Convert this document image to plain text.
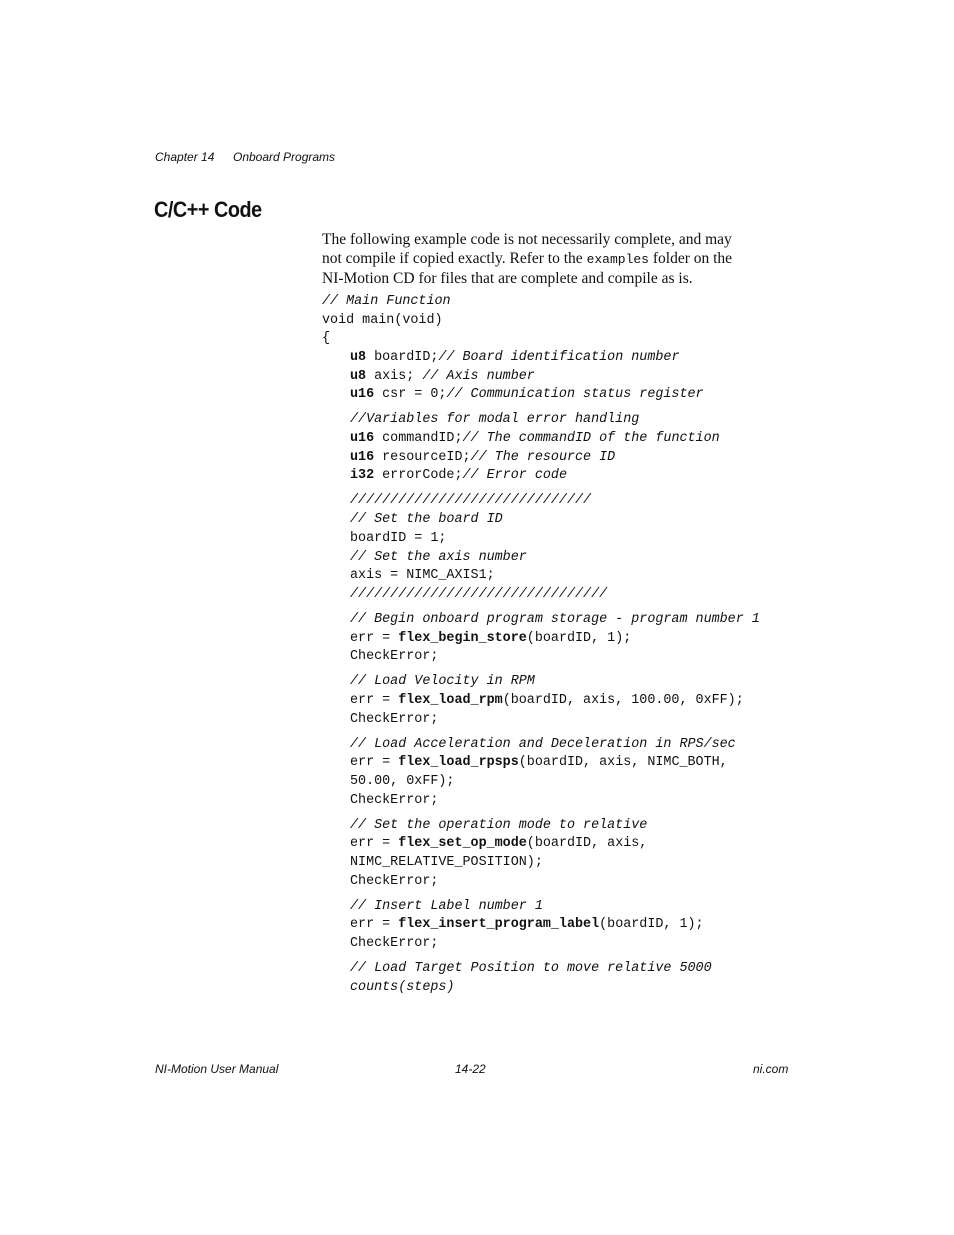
Chapter 14 Onboard Programs
C/C++ Code

The following example code is not necessarily complete, and may not compile if copied exactly. Refer to the examples folder on the NI-Motion CD for files that are complete and compile as is.

// Main Function
void main(void)
{
u8 boardID;// Board identification number
u8 axis; // Axis number
u16 csr = 0;// Communication status register
//Variables for modal error handling
u16 commandID;// The commandID of the function
u16 resourceID;// The resource ID
i32 errorCode;// Error code
//////////////////////////////
// Set the board ID
boardID = 1;
// Set the axis number
axis = NIMC_AXIS1;
////////////////////////////////
// Begin onboard program storage - program number 1
err = flex_begin_store(boardID, 1);
CheckError;
// Load Velocity in RPM
err = flex_load_rpm(boardID, axis, 100.00, 0xFF);
CheckError;
// Load Acceleration and Deceleration in RPS/sec
err = flex_load_rpsps(boardID, axis, NIMC_BOTH,
50.00, 0xFF);
CheckError;
// Set the operation mode to relative
err = flex_set_op_mode(boardID, axis,
NIMC_RELATIVE_POSITION);
CheckError;
// Insert Label number 1
err = flex_insert_program_label(boardID, 1);
CheckError;
// Load Target Position to move relative 5000
counts(steps)
NI-Motion User Manual	14-22	ni.com
